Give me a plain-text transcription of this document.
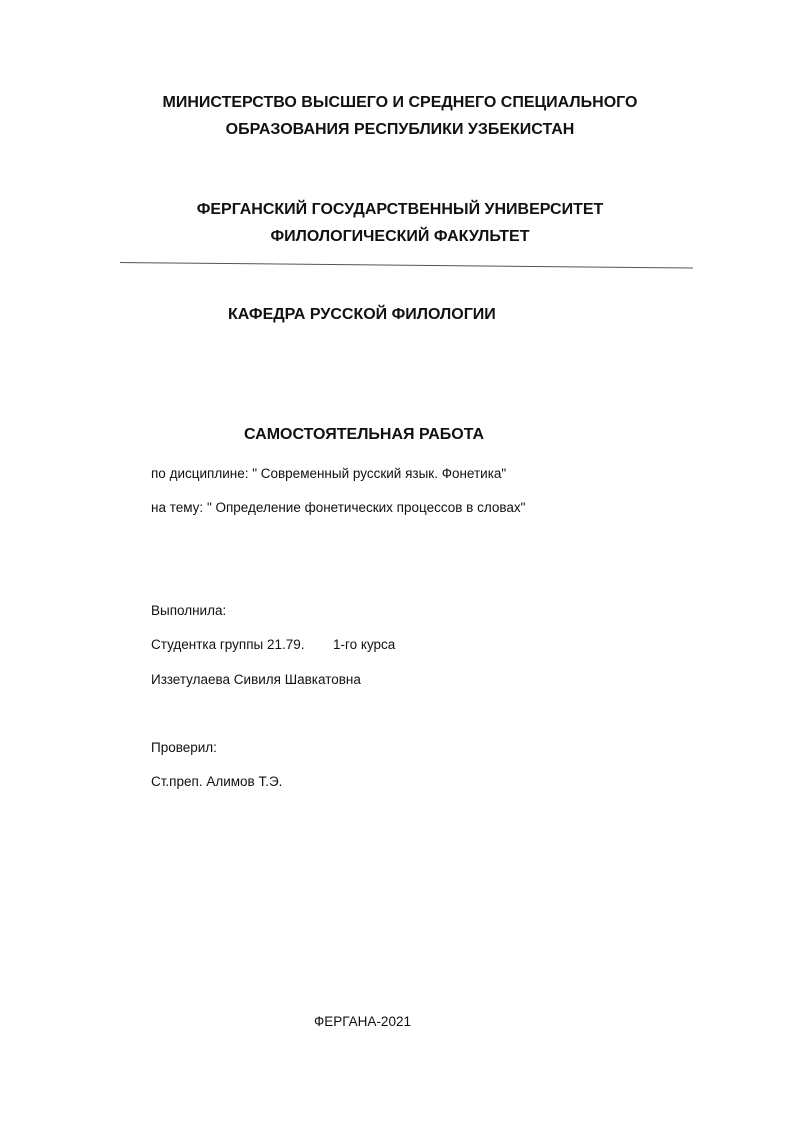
МИНИСТЕРСТВО ВЫСШЕГО И СРЕДНЕГО СПЕЦИАЛЬНОГО
ОБРАЗОВАНИЯ РЕСПУБЛИКИ УЗБЕКИСТАН
ФЕРГАНСКИЙ ГОСУДАРСТВЕННЫЙ УНИВЕРСИТЕТ
ФИЛОЛОГИЧЕСКИЙ ФАКУЛЬТЕТ
КАФЕДРА РУССКОЙ ФИЛОЛОГИИ
САМОСТОЯТЕЛЬНАЯ РАБОТА
по дисциплине: " Современный русский язык. Фонетика"
на тему: " Определение фонетических процессов в словах"
Выполнила:
Студентка группы 21.79. 1-го курса
Иззетулаева Сивиля Шавкатовна
Проверил:
Ст.преп. Алимов Т.Э.
ФЕРГАНА-2021
